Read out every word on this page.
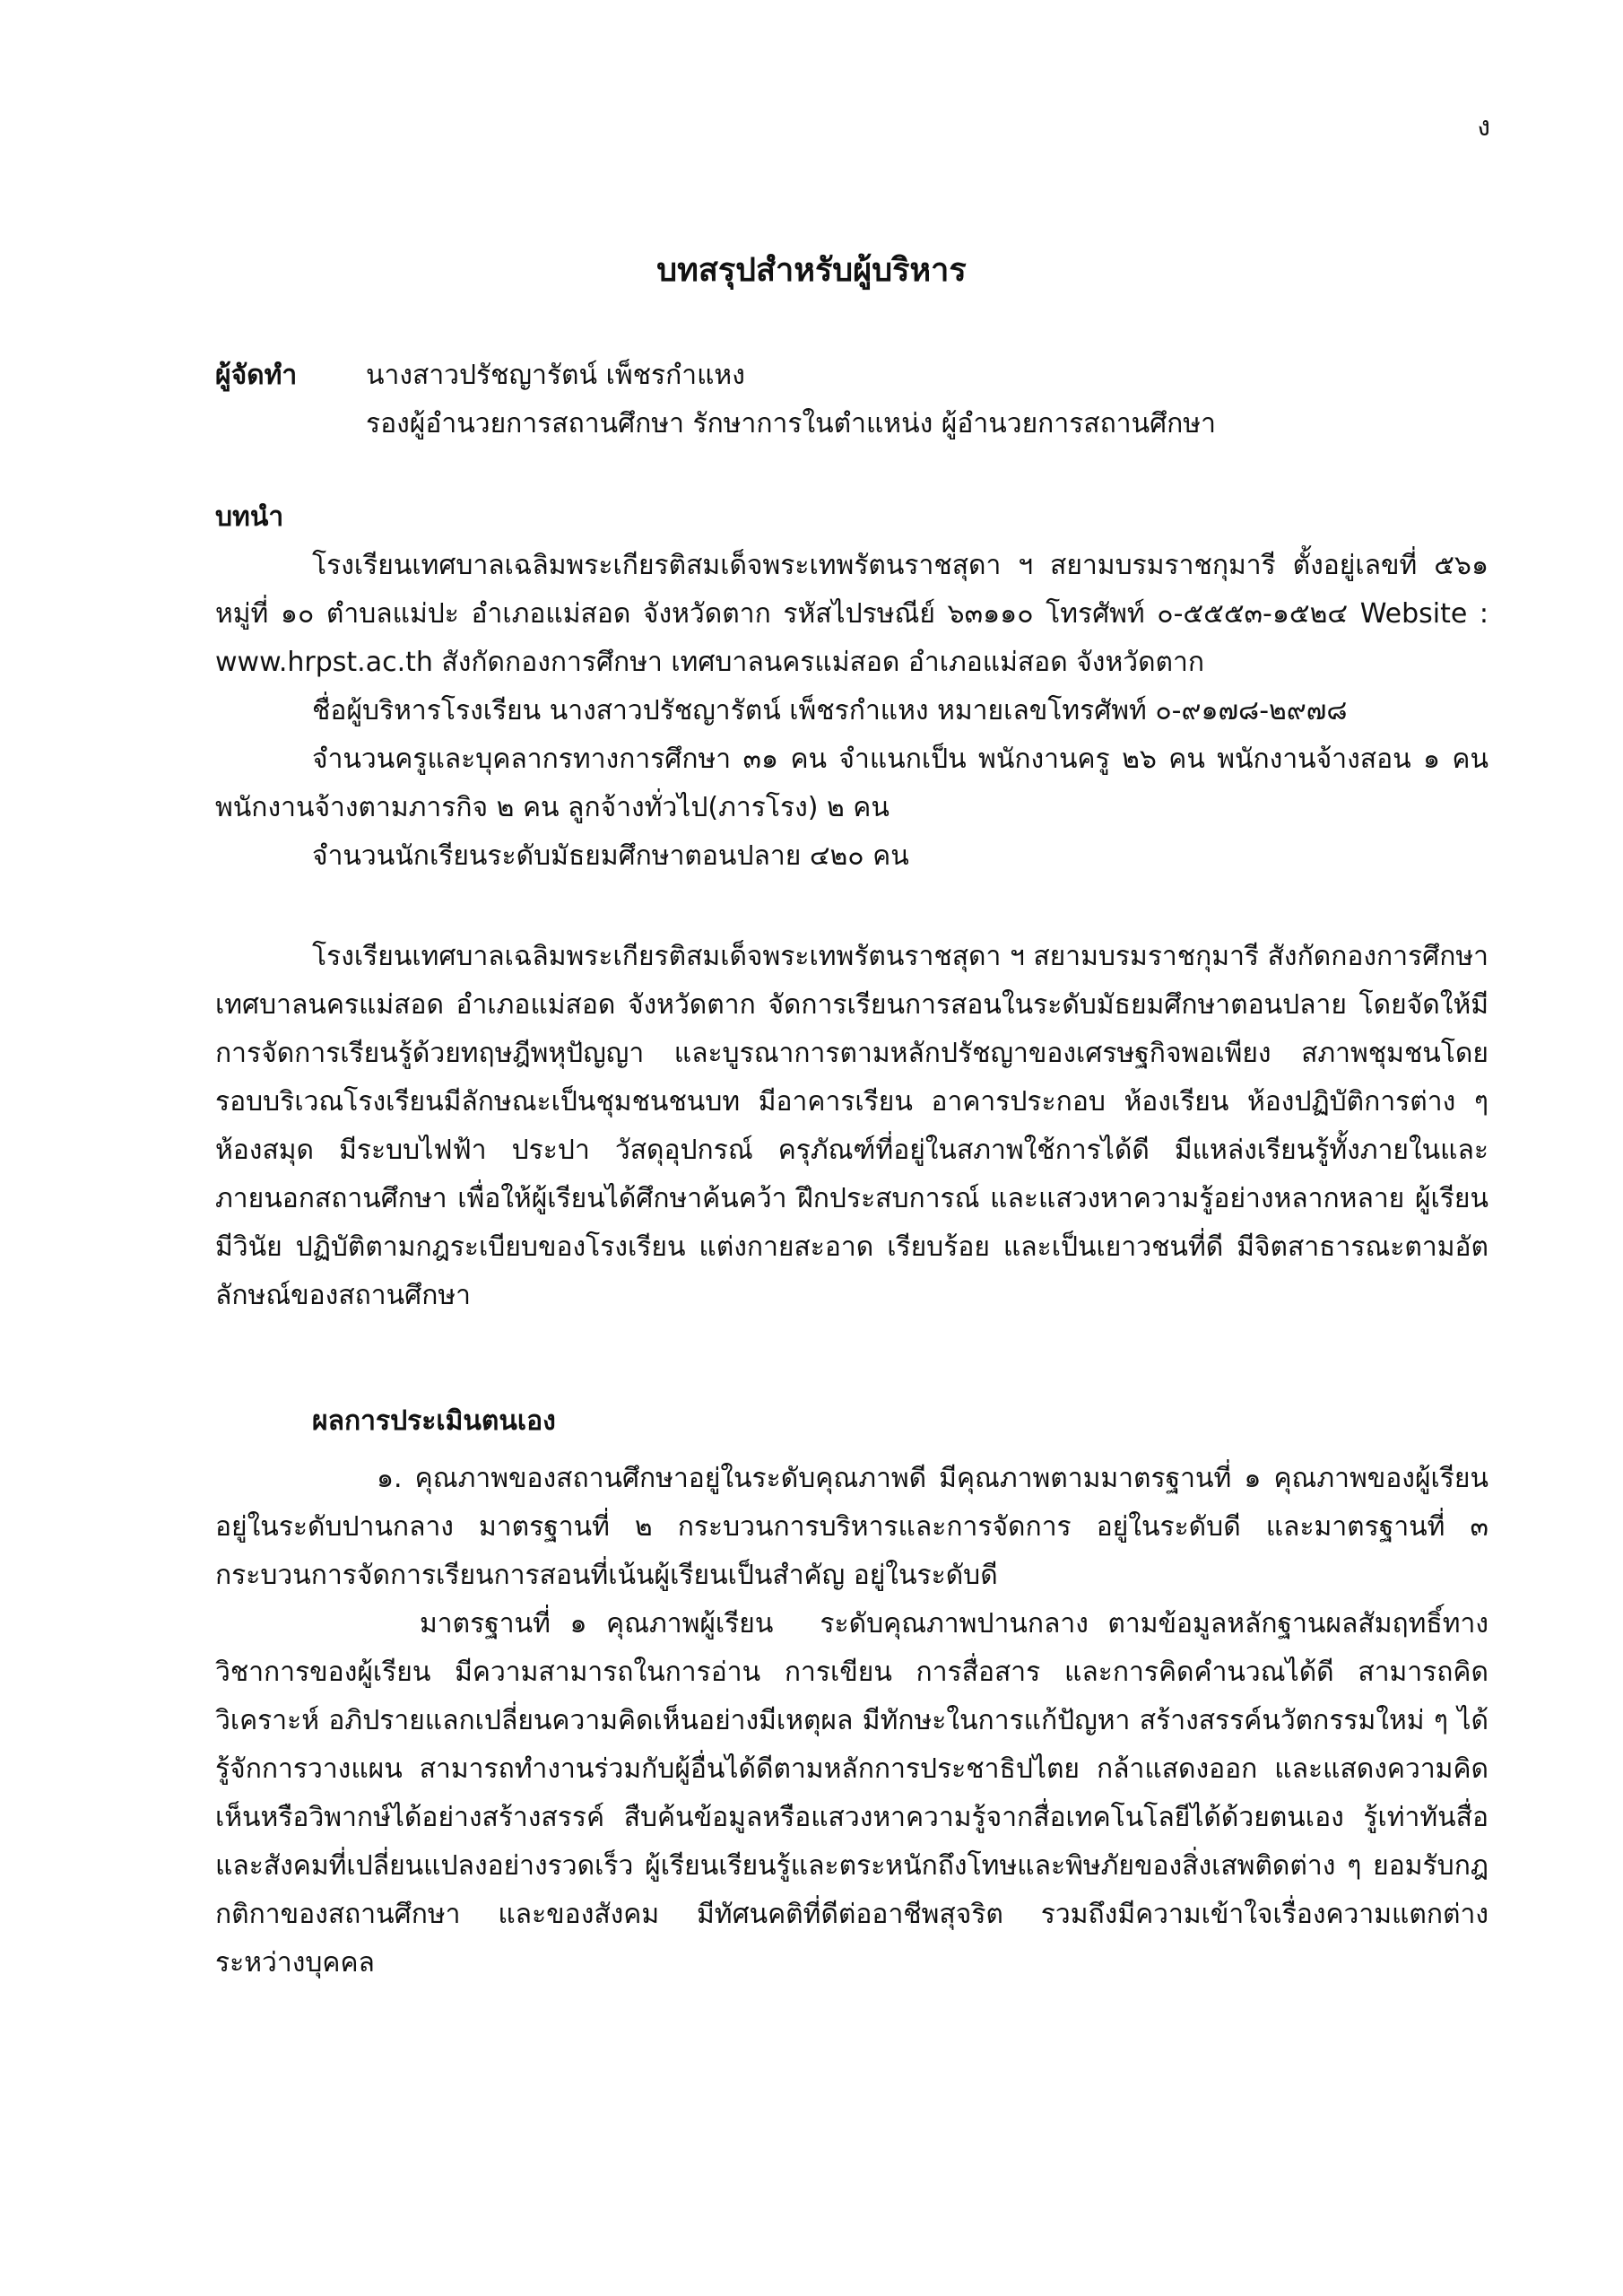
ง
บทสรุปสำหรับผู้บริหาร
ผู้จัดทำ	นางสาวปรัชญารัตน์ เพ็ชรกำแหง
รองผู้อำนวยการสถานศึกษา รักษาการในตำแหน่ง ผู้อำนวยการสถานศึกษา
บทนำ

โรงเรียนเทศบาลเฉลิมพระเกียรติสมเด็จพระเทพรัตนราชสุดา ฯ สยามบรมราชกุมารี ตั้งอยู่เลขที่ ๕๖๑ หมู่ที่ ๑๐ ตำบลแม่ปะ อำเภอแม่สอด จังหวัดตาก รหัสไปรษณีย์ ๖๓๑๑๐ โทรศัพท์ ๐-๕๕๕๓-๑๕๒๔ Website : www.hrpst.ac.th สังกัดกองการศึกษา เทศบาลนครแม่สอด อำเภอแม่สอด จังหวัดตาก

ชื่อผู้บริหารโรงเรียน นางสาวปรัชญารัตน์ เพ็ชรกำแหง หมายเลขโทรศัพท์ ๐-๙๑๗๘-๒๙๗๘

จำนวนครูและบุคลากรทางการศึกษา ๓๑ คน จำแนกเป็น พนักงานครู ๒๖ คน พนักงานจ้างสอน ๑ คน พนักงานจ้างตามภารกิจ ๒ คน ลูกจ้างทั่วไป(ภารโรง) ๒ คน

จำนวนนักเรียนระดับมัธยมศึกษาตอนปลาย ๔๒๐ คน

โรงเรียนเทศบาลเฉลิมพระเกียรติสมเด็จพระเทพรัตนราชสุดา ฯ สยามบรมราชกุมารี สังกัดกองการศึกษา เทศบาลนครแม่สอด อำเภอแม่สอด จังหวัดตาก จัดการเรียนการสอนในระดับมัธยมศึกษาตอนปลาย โดยจัดให้มีการจัดการเรียนรู้ด้วยทฤษฎีพหุปัญญา และบูรณาการตามหลักปรัชญาของเศรษฐกิจพอเพียง สภาพชุมชนโดยรอบบริเวณโรงเรียนมีลักษณะเป็นชุมชนชนบท มีอาคารเรียน อาคารประกอบ ห้องเรียน ห้องปฏิบัติการต่าง ๆ ห้องสมุด มีระบบไฟฟ้า ประปา วัสดุอุปกรณ์ ครุภัณฑ์ที่อยู่ในสภาพใช้การได้ดี มีแหล่งเรียนรู้ทั้งภายในและภายนอกสถานศึกษา เพื่อให้ผู้เรียนได้ศึกษาค้นคว้า ฝึกประสบการณ์ และแสวงหาความรู้อย่างหลากหลาย ผู้เรียนมีวินัย ปฏิบัติตามกฎระเบียบของโรงเรียน แต่งกายสะอาด เรียบร้อย และเป็นเยาวชนที่ดี มีจิตสาธารณะตามอัตลักษณ์ของสถานศึกษา

ผลการประเมินตนเอง

๑. คุณภาพของสถานศึกษาอยู่ในระดับคุณภาพดี มีคุณภาพตามมาตรฐานที่ ๑ คุณภาพของผู้เรียน อยู่ในระดับปานกลาง มาตรฐานที่ ๒ กระบวนการบริหารและการจัดการ อยู่ในระดับดี และมาตรฐานที่ ๓ กระบวนการจัดการเรียนการสอนที่เน้นผู้เรียนเป็นสำคัญ อยู่ในระดับดี

มาตรฐานที่ ๑ คุณภาพผู้เรียน ระดับคุณภาพปานกลาง ตามข้อมูลหลักฐานผลสัมฤทธิ์ทางวิชาการของผู้เรียน มีความสามารถในการอ่าน การเขียน การสื่อสาร และการคิดคำนวณได้ดี สามารถคิดวิเคราะห์ อภิปรายแลกเปลี่ยนความคิดเห็นอย่างมีเหตุผล มีทักษะในการแก้ปัญหา สร้างสรรค์นวัตกรรมใหม่ ๆ ได้ รู้จักการวางแผน สามารถทำงานร่วมกับผู้อื่นได้ดีตามหลักการประชาธิปไตย กล้าแสดงออก และแสดงความคิดเห็นหรือวิพากษ์ได้อย่างสร้างสรรค์ สืบค้นข้อมูลหรือแสวงหาความรู้จากสื่อเทคโนโลยีได้ด้วยตนเอง รู้เท่าทันสื่อและสังคมที่เปลี่ยนแปลงอย่างรวดเร็ว ผู้เรียนเรียนรู้และตระหนักถึงโทษและพิษภัยของสิ่งเสพติดต่าง ๆ ยอมรับกฎกติกาของสถานศึกษา และของสังคม มีทัศนคติที่ดีต่ออาชีพสุจริต รวมถึงมีความเข้าใจเรื่องความแตกต่างระหว่างบุคคล
